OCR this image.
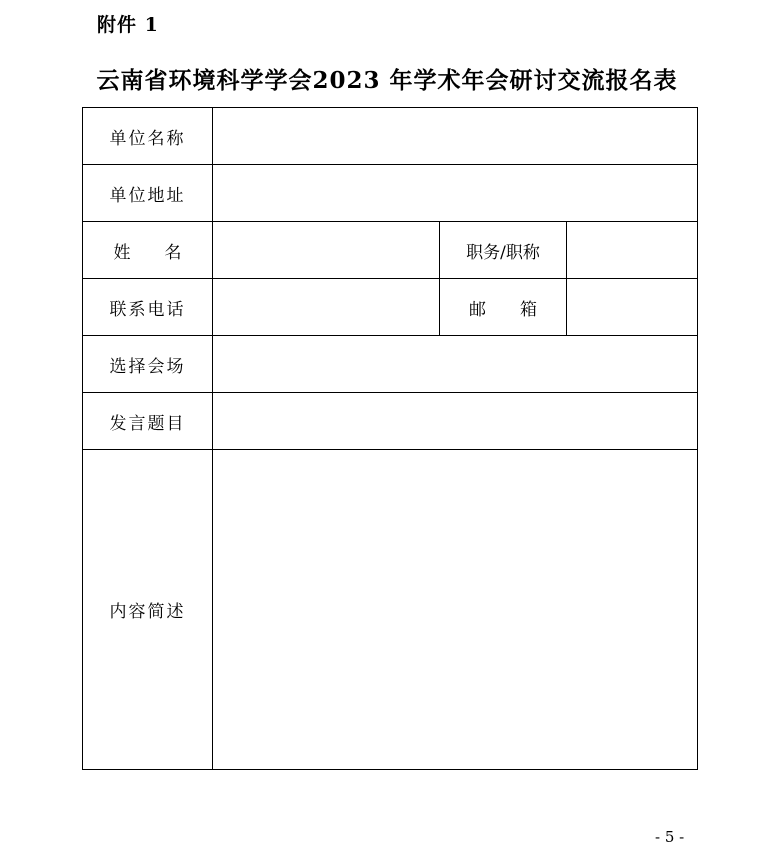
附件 1
云南省环境科学学会2023 年学术年会研讨交流报名表
单位名称			
单位地址			
姓 名		职务/职称	
联系电话		邮 箱	
选择会场			
发言题目			
内容简述			
- 5 -
